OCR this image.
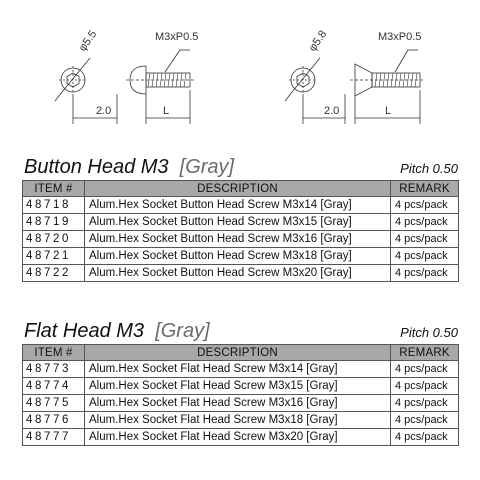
φ5.5	M3xP0.5
2.0	L
φ5.8	M3xP0.5
2.0	L
Button Head M3 [Gray]	Pitch 0.50
ITEM #	DESCRIPTION	REMARK
48718	Alum.Hex Socket Button Head Screw M3x14 [Gray]	4 pcs/pack
48719	Alum.Hex Socket Button Head Screw M3x15 [Gray]	4 pcs/pack
48720	Alum.Hex Socket Button Head Screw M3x16 [Gray]	4 pcs/pack
48721	Alum.Hex Socket Button Head Screw M3x18 [Gray]	4 pcs/pack
48722	Alum.Hex Socket Button Head Screw M3x20 [Gray]	4 pcs/pack
Flat Head M3 [Gray]	Pitch 0.50
ITEM #	DESCRIPTION	REMARK
48773	Alum.Hex Socket Flat Head Screw M3x14 [Gray]	4 pcs/pack
48774	Alum.Hex Socket Flat Head Screw M3x15 [Gray]	4 pcs/pack
48775	Alum.Hex Socket Flat Head Screw M3x16 [Gray]	4 pcs/pack
48776	Alum.Hex Socket Flat Head Screw M3x18 [Gray]	4 pcs/pack
48777	Alum.Hex Socket Flat Head Screw M3x20 [Gray]	4 pcs/pack
